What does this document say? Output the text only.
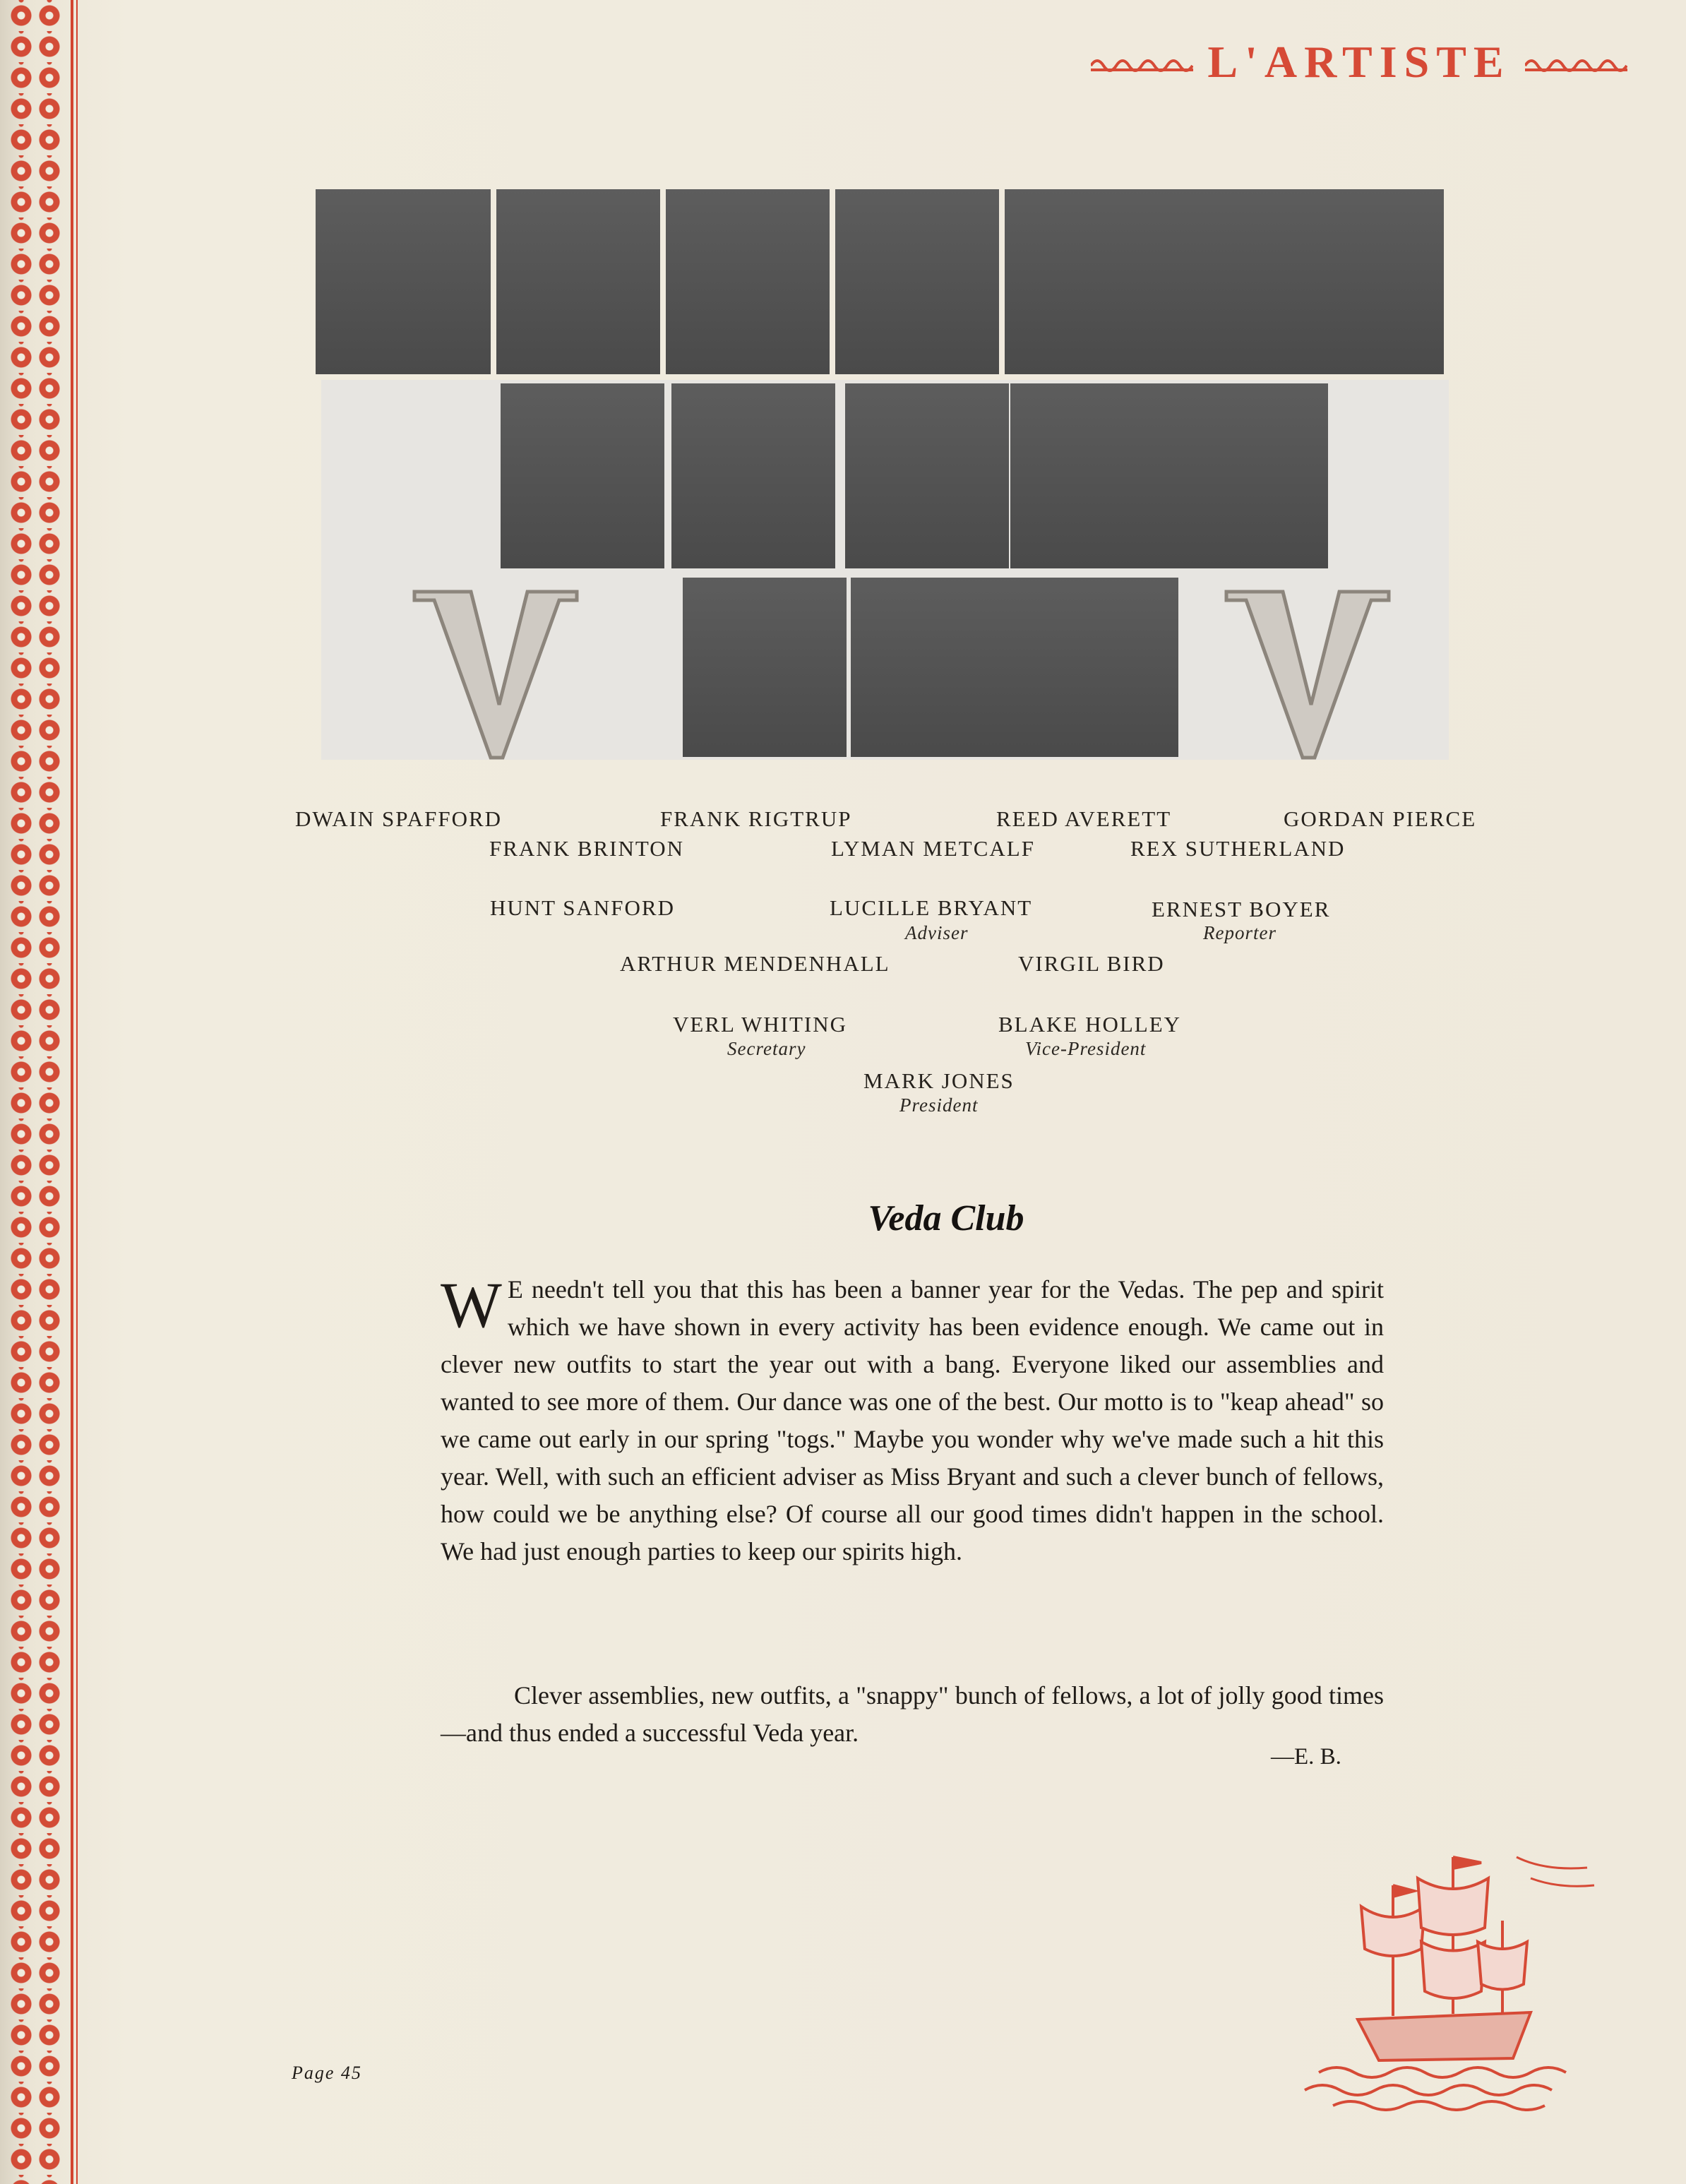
L'ARTISTE
V	V
DWAIN SPAFFORD	FRANK RIGTRUP	REED AVERETT	GORDAN PIERCE
FRANK BRINTON	LYMAN METCALF	REX SUTHERLAND
HUNT SANFORD	LUCILLE BRYANT
Adviser
ERNEST BOYER
Reporter
ARTHUR MENDENHALL	VIRGIL BIRD
VERL WHITING
Secretary
BLAKE HOLLEY
Vice-President
MARK JONES
President
Veda Club
W E needn't tell you that this has been a banner year for the Vedas. The pep and spirit which we have shown in every activity has been evidence enough. We came out in clever new outfits to start the year out with a bang. Everyone liked our assemblies and wanted to see more of them. Our dance was one of the best. Our motto is to "keap ahead" so we came out early in our spring "togs." Maybe you wonder why we've made such a hit this year. Well, with such an efficient adviser as Miss Bryant and such a clever bunch of fellows, how could we be anything else? Of course all our good times didn't happen in the school. We had just enough parties to keep our spirits high.
Clever assemblies, new outfits, a "snappy" bunch of fellows, a lot of jolly good times—and thus ended a successful Veda year.
—E. B.
Page 45
